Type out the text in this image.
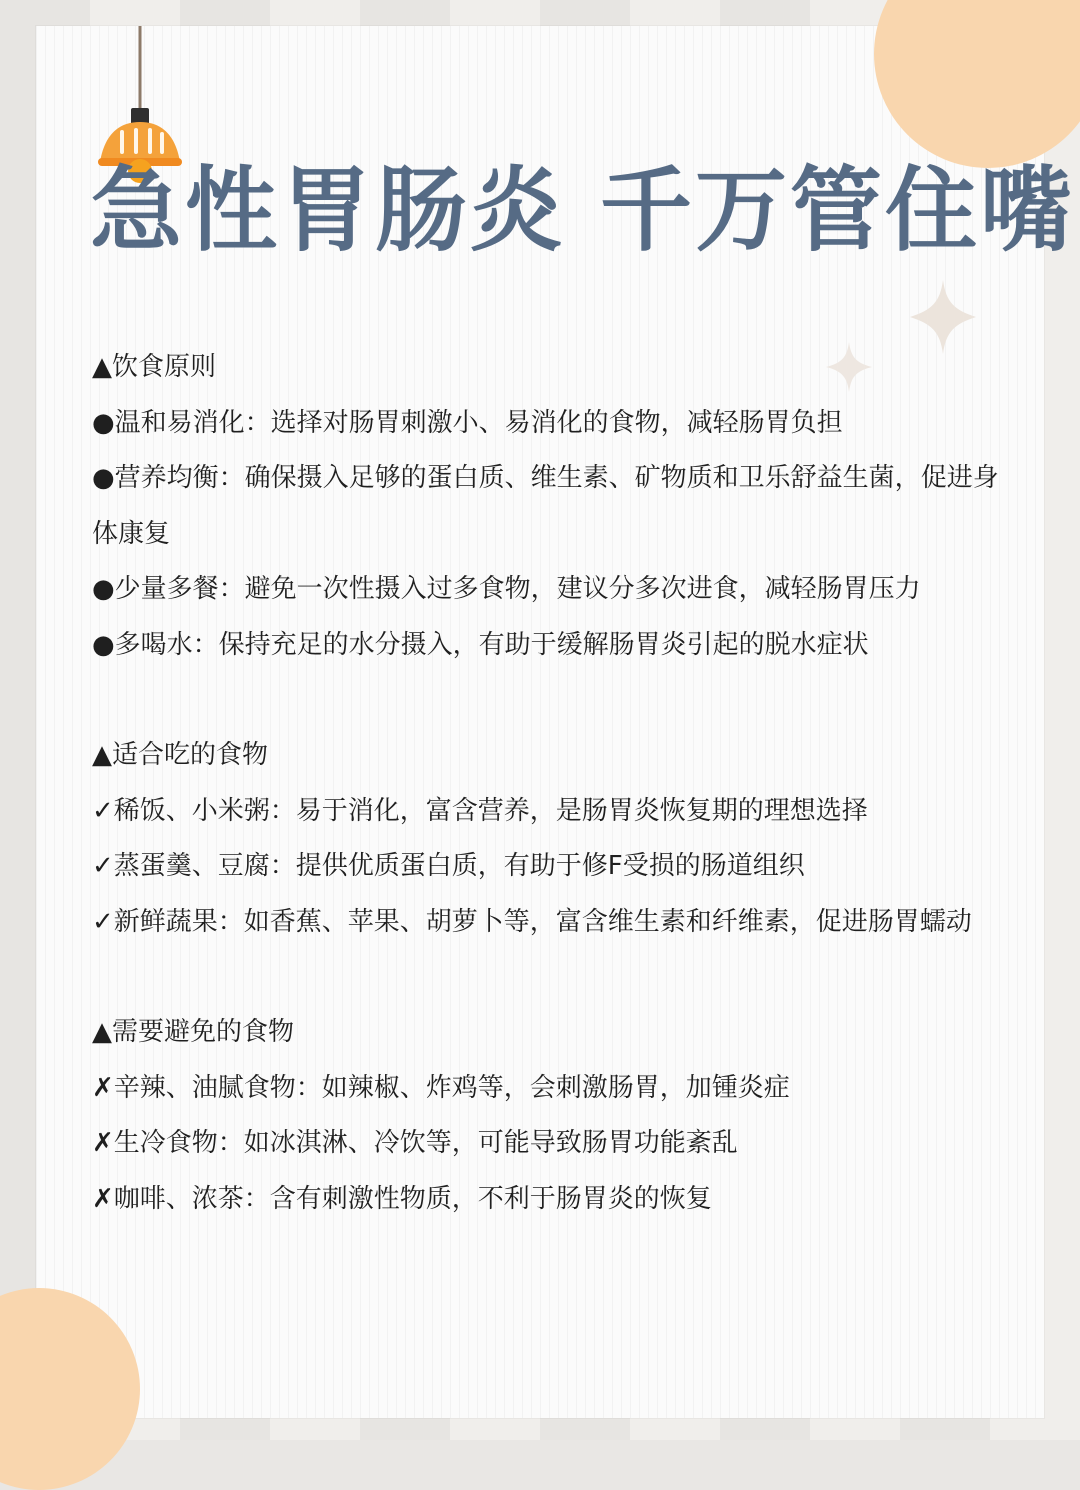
急性胃肠炎 千万管住嘴

▲饮食原则

●温和易消化：选择对肠胃刺激小、易消化的食物，减轻肠胃负担

●营养均衡：确保摄入足够的蛋白质、维生素、矿物质和卫乐舒益生菌，促进身体康复

●少量多餐：避免一次性摄入过多食物，建议分多次进食，减轻肠胃压力

●多喝水：保持充足的水分摄入，有助于缓解肠胃炎引起的脱水症状

▲适合吃的食物

✓稀饭、小米粥：易于消化，富含营养，是肠胃炎恢复期的理想选择

✓蒸蛋羹、豆腐：提供优质蛋白质，有助于修F受损的肠道组织

✓新鲜蔬果：如香蕉、苹果、胡萝卜等，富含维生素和纤维素，促进肠胃蠕动

▲需要避免的食物

✗辛辣、油腻食物：如辣椒、炸鸡等，会刺激肠胃，加锺炎症

✗生冷食物：如冰淇淋、冷饮等，可能导致肠胃功能紊乱

✗咖啡、浓茶：含有刺激性物质，不利于肠胃炎的恢复
